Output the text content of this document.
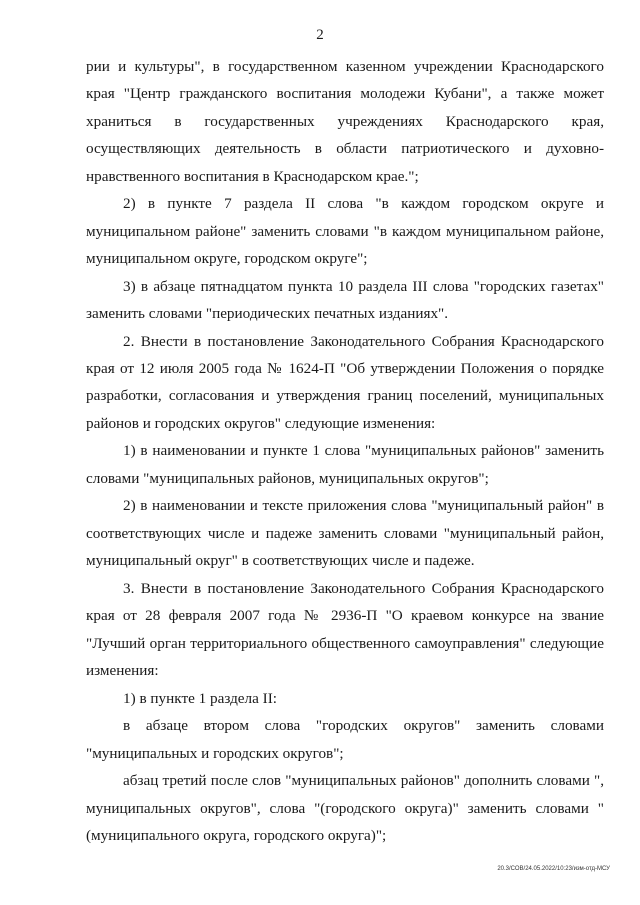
2

рии и культуры", в государственном казенном учреждении Краснодарского края "Центр гражданского воспитания молодежи Кубани", а также может храниться в государственных учреждениях Краснодарского края, осуществляющих деятельность в области патриотического и духовно-нравственного воспитания в Краснодарском крае.";

2) в пункте 7 раздела II слова "в каждом городском округе и муниципальном районе" заменить словами "в каждом муниципальном районе, муниципальном округе, городском округе";

3) в абзаце пятнадцатом пункта 10 раздела III слова "городских газетах" заменить словами "периодических печатных изданиях".

2. Внести в постановление Законодательного Собрания Краснодарского края от 12 июля 2005 года № 1624-П "Об утверждении Положения о порядке разработки, согласования и утверждения границ поселений, муниципальных районов и городских округов" следующие изменения:

1) в наименовании и пункте 1 слова "муниципальных районов" заменить словами "муниципальных районов, муниципальных округов";

2) в наименовании и тексте приложения слова "муниципальный район" в соответствующих числе и падеже заменить словами "муниципальный район, муниципальный округ" в соответствующих числе и падеже.

3. Внести в постановление Законодательного Собрания Краснодарского края от 28 февраля 2007 года № 2936-П "О краевом конкурсе на звание "Лучший орган территориального общественного самоуправления" следующие изменения:

1) в пункте 1 раздела II:

в абзаце втором слова "городских округов" заменить словами "муниципальных и городских округов";

абзац третий после слов "муниципальных районов" дополнить словами ", муниципальных округов", слова "(городского округа)" заменить словами "(муниципального округа, городского округа)";

20.3/СОВ/24.05.2022/10:23/изм-отд-МСУ
